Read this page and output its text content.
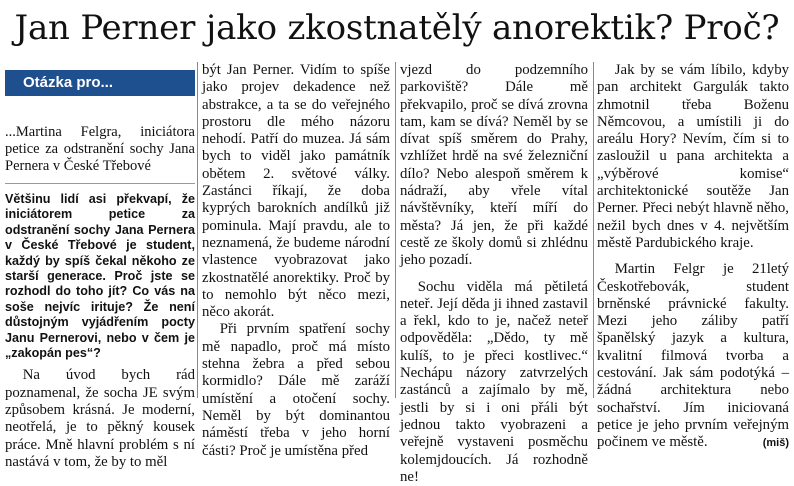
Jan Perner jako zkostnatělý anorektik? Proč?
Otázka pro...
...Martina Felgra, iniciátora petice za odstranění sochy Jana Pernera v České Třebové
Většinu lidí asi překvapí, že iniciátorem petice za odstranění sochy Jana Pernera v České Třebové je student, každý by spíš čekal někoho ze starší generace. Proč jste se rozhodl do toho jít? Co vás na soše nejvíc irituje? Že není důstojným vyjádřením pocty Janu Pernerovi, nebo v čem je „zakopán pes“?

Na úvod bych rád poznamenal, že socha JE svým způsobem krásná. Je moderní, neotřelá, je to pěkný kousek práce. Mně hlavní problém s ní nastává v tom, že by to měl

být Jan Perner. Vidím to spíše jako projev dekadence než abstrakce, a ta se do veřejného prostoru dle mého názoru nehodí. Patří do muzea. Já sám bych to viděl jako památník obětem 2. světové války. Zastánci říkají, že doba kyprých barokních andílků již pominula. Mají pravdu, ale to neznamená, že budeme národní vlastence vyobrazovat jako zkostnatělé anorektiky. Proč by to nemohlo být něco mezi, něco akorát.

Při prvním spatření sochy mě napadlo, proč má místo stehna žebra a před sebou kormidlo? Dále mě zaráží umístění a otočení sochy. Neměl by být dominantou náměstí třeba v jeho horní části? Proč je umístěna před

vjezd do podzemního parkoviště? Dále mě překvapilo, proč se dívá zrovna tam, kam se dívá? Neměl by se dívat spíš směrem do Prahy, vzhlížet hrdě na své železniční dílo? Nebo alespoň směrem k nádraží, aby vřele vítal návštěvníky, kteří míří do města? Já jen, že při každé cestě ze školy domů si zhlédnu jeho pozadí.

Sochu viděla má pětiletá neteř. Její děda ji ihned zastavil a řekl, kdo to je, načež neteř odpověděla: „Dědo, ty mě kulíš, to je přeci kostlivec.“ Nechápu názory zatvrzelých zastánců a zajímalo by mě, jestli by si i oni přáli být jednou takto vyobrazeni a veřejně vystaveni posměchu kolemjdoucích. Já rozhodně ne!

Jak by se vám líbilo, kdyby pan architekt Gargulák takto zhmotnil třeba Boženu Němcovou, a umístili ji do areálu Hory? Nevím, čím si to zasloužil u pana architekta a „výběrové komise“ architektonické soutěže Jan Perner. Přeci nebýt hlavně něho, nežil bych dnes v 4. největším městě Pardubického kraje.

Martin Felgr je 21letý Českotřebovák, student brněnské právnické fakulty. Mezi jeho záliby patří španělský jazyk a kultura, kvalitní filmová tvorba a cestování. Jak sám podotýká – žádná architektura nebo sochařství. Jím iniciovaná petice je jeho prvním veřejným počinem ve městě.	(miš)
